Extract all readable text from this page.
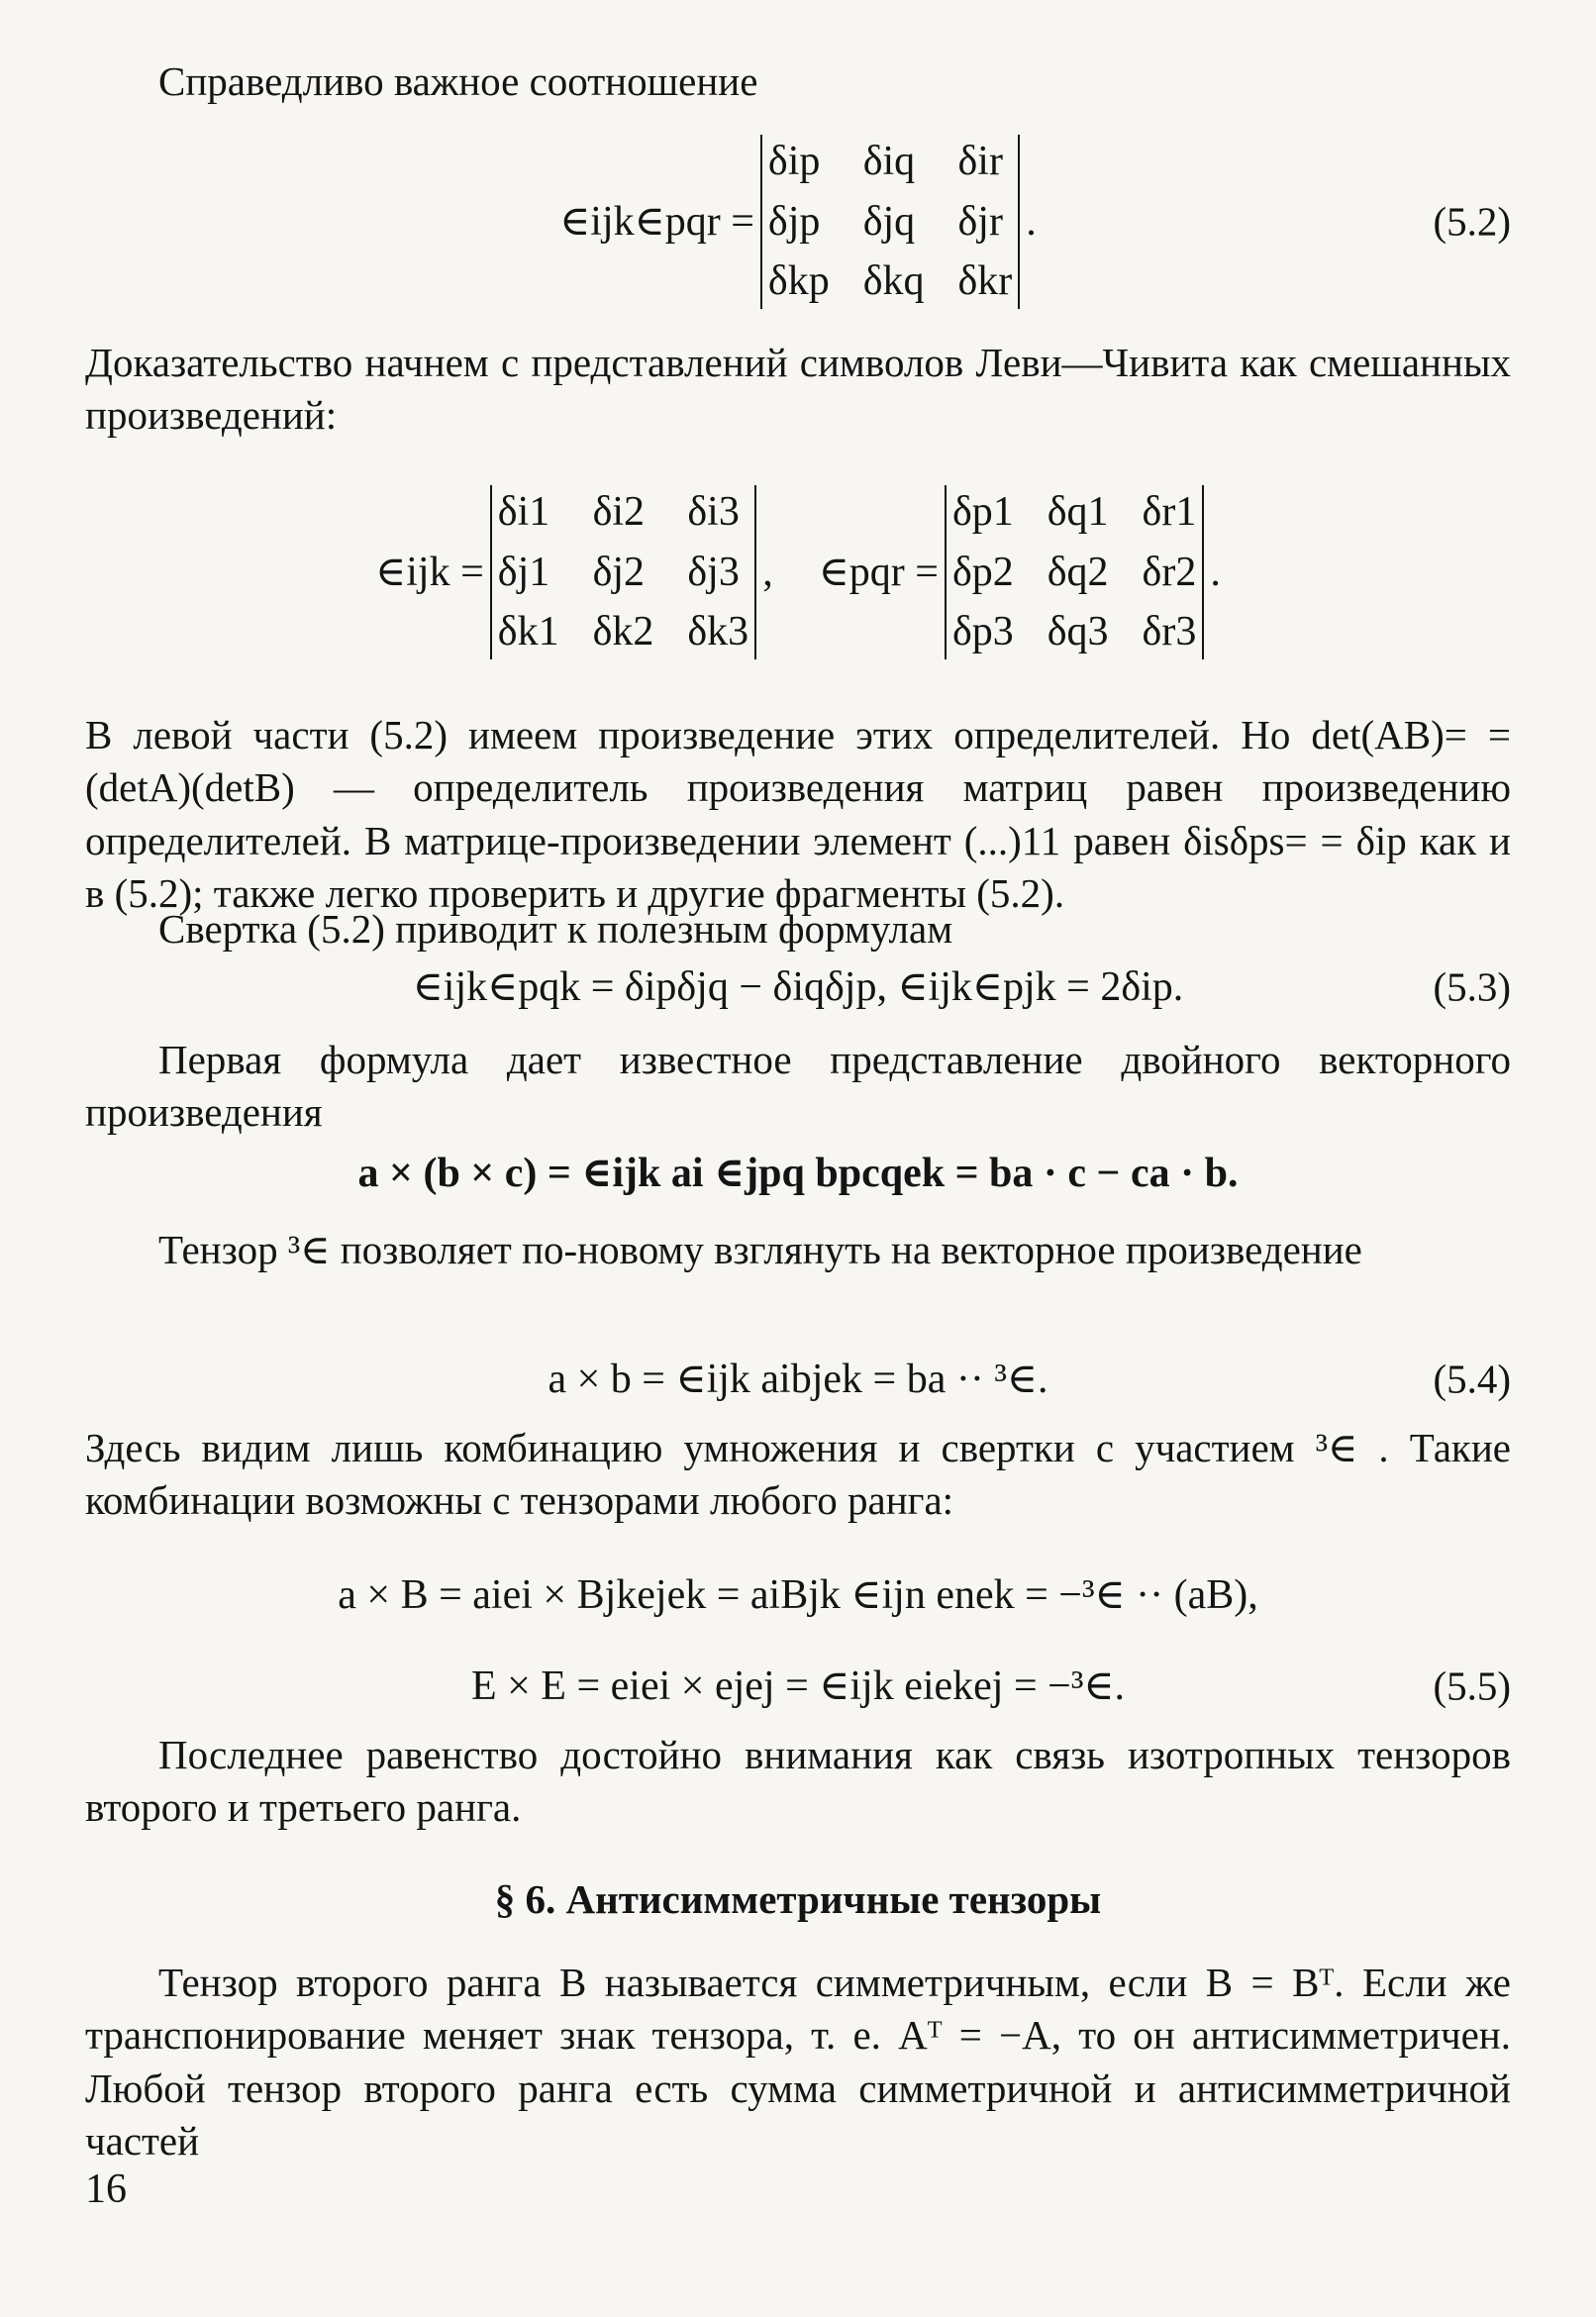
Справедливо важное соотношение

∈ijk∈pqr =
δip δiq δir
δjp δjq δjr
δkp δkq δkr
.	(5.2)

Доказательство начнем с представлений символов Леви—Чивита как смешанных произведений:

∈ijk =
δi1 δi2 δi3
δj1 δj2 δj3
δk1 δk2 δk3
, ∈pqr =
δp1 δq1 δr1
δp2 δq2 δr2
δp3 δq3 δr3
.

В левой части (5.2) имеем произведение этих определителей. Но det(AB)= = (detA)(detB) — определитель произведения матриц равен произведению определителей. В матрице-произведении элемент (...)11 равен δisδps= = δip как и в (5.2); также легко проверить и другие фрагменты (5.2).

Свертка (5.2) приводит к полезным формулам

∈ijk∈pqk = δipδjq − δiqδjp, ∈ijk∈pjk = 2δip.	(5.3)

Первая формула дает известное представление двойного векторного произведения

a × (b × c) = ∈ijk ai ∈jpq bpcqek = ba · c − ca · b.

Тензор ³∈ позволяет по-новому взглянуть на векторное произведение

a × b = ∈ijk aibjek = ba ·· ³∈.	(5.4)

Здесь видим лишь комбинацию умножения и свертки с участием ³∈ . Такие комбинации возможны с тензорами любого ранга:

a × B = aiei × Bjkejek = aiBjk ∈ijn enek = −³∈ ·· (aB),
E × E = eiei × ejej = ∈ijk eiekej = −³∈.	(5.5)

Последнее равенство достойно внимания как связь изотропных тензоров второго и третьего ранга.

§ 6. Антисимметричные тензоры

Тензор второго ранга B называется симметричным, если B = Bᵀ. Если же транспонирование меняет знак тензора, т. е. Aᵀ = −A, то он антисимметричен. Любой тензор второго ранга есть сумма симметричной и антисимметричной частей

16
